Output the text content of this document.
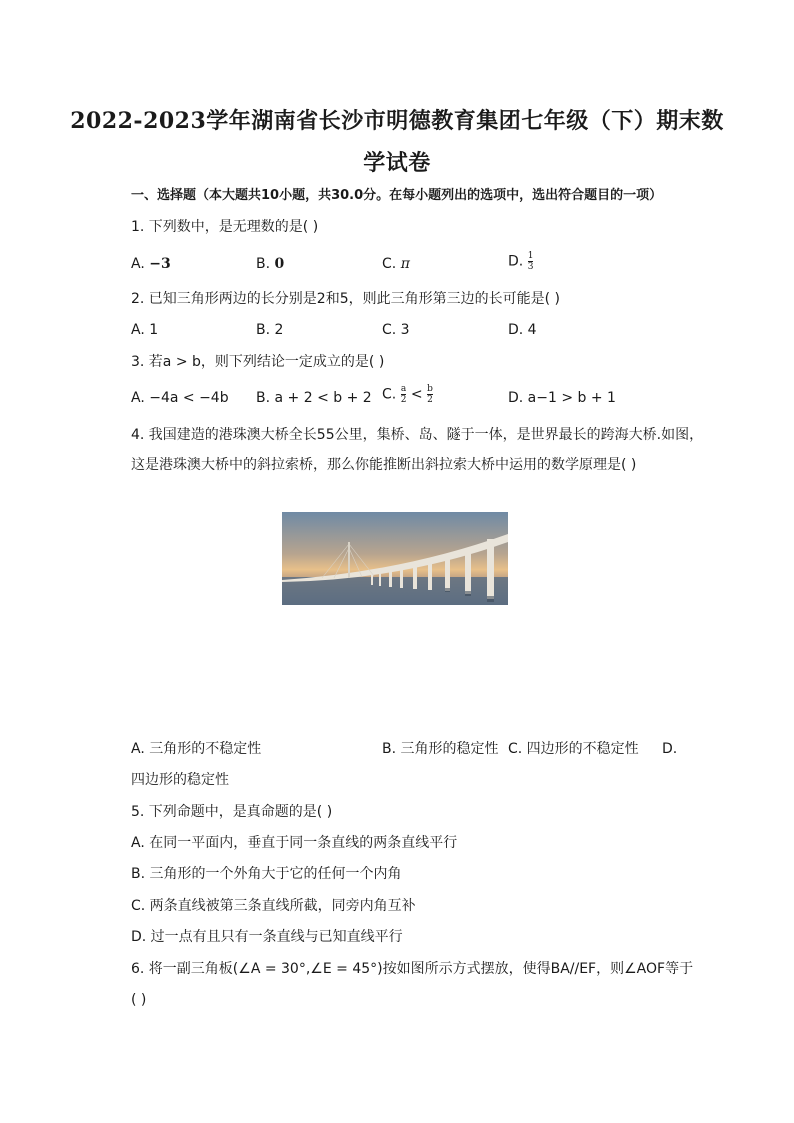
2022-2023学年湖南省长沙市明德教育集团七年级（下）期末数
学试卷
一、选择题（本大题共10小题，共30.0分。在每小题列出的选项中，选出符合题目的一项）
1. 下列数中，是无理数的是( )
A. −3	B. 0	C. π	D. $\frac{1}{3}$
2. 已知三角形两边的长分别是2和5，则此三角形第三边的长可能是( )
A. 1	B. 2	C. 3	D. 4
3. 若a > b，则下列结论一定成立的是( )
A. −4a < −4b B. a + 2 < b + 2 C. $\frac{a}{2} < \frac{b}{2}$	D. a−1 > b + 1
4. 我国建造的港珠澳大桥全长55公里，集桥、岛、隧于一体，是世界最长的跨海大桥.如图，
这是港珠澳大桥中的斜拉索桥，那么你能推断出斜拉索大桥中运用的数学原理是( )
A. 三角形的不稳定性	B. 三角形的稳定性 C. 四边形的不稳定性 D.
四边形的稳定性
5. 下列命题中，是真命题的是( )
A. 在同一平面内，垂直于同一条直线的两条直线平行
B. 三角形的一个外角大于它的任何一个内角
C. 两条直线被第三条直线所截，同旁内角互补
D. 过一点有且只有一条直线与已知直线平行
6. 将一副三角板(∠A = 30°,∠E = 45°)按如图所示方式摆放，使得BA//EF，则∠AOF等于
( )
